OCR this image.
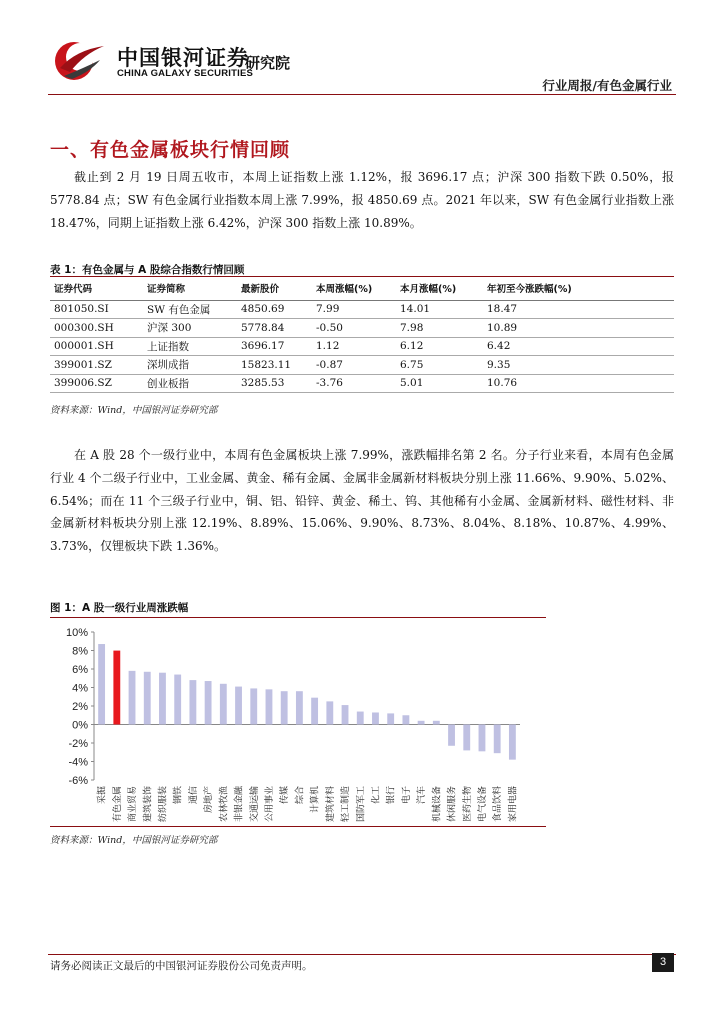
中国银河证券
CHINA GALAXY SECURITIES
研究院
行业周报/有色金属行业
一、有色金属板块行情回顾

截止到 2 月 19 日周五收市，本周上证指数上涨 1.12%，报 3696.17 点；沪深 300 指数下跌 0.50%，报 5778.84 点；SW 有色金属行业指数本周上涨 7.99%，报 4850.69 点。2021 年以来，SW 有色金属行业指数上涨 18.47%，同期上证指数上涨 6.42%，沪深 300 指数上涨 10.89%。

表 1：有色金属与 A 股综合指数行情回顾
证券代码	证券简称	最新股价	本周涨幅(%)	本月涨幅(%)	年初至今涨跌幅(%)
801050.SI	SW 有色金属	4850.69	7.99	14.01	18.47
000300.SH	沪深 300	5778.84	-0.50	7.98	10.89
000001.SH	上证指数	3696.17	1.12	6.12	6.42
399001.SZ	深圳成指	15823.11	-0.87	6.75	9.35
399006.SZ	创业板指	3285.53	-3.76	5.01	10.76
资料来源：Wind，中国银河证券研究部

在 A 股 28 个一级行业中，本周有色金属板块上涨 7.99%，涨跌幅排名第 2 名。分子行业来看，本周有色金属行业 4 个二级子行业中，工业金属、黄金、稀有金属、金属非金属新材料板块分别上涨 11.66%、9.90%、5.02%、6.54%；而在 11 个三级子行业中，铜、铝、铅锌、黄金、稀土、钨、其他稀有小金属、金属新材料、磁性材料、非金属新材料板块分别上涨 12.19%、8.89%、15.06%、9.90%、8.73%、8.04%、8.18%、10.87%、4.99%、3.73%，仅锂板块下跌 1.36%。

图 1：A 股一级行业周涨跌幅
10%
8%
6%
4%
2%
0%
-2%
-4%
-6%
采掘 有色金属 商业贸易 建筑装饰 纺织服装 钢铁 通信 房地产 农林牧渔 非银金融 交通运输 公用事业 传媒 综合 计算机 建筑材料 轻工制造 国防军工 化工 银行 电子 汽车 机械设备 休闲服务 医药生物 电气设备 食品饮料 家用电器
资料来源：Wind，中国银河证券研究部
请务必阅读正文最后的中国银河证券股份公司免责声明。	3
